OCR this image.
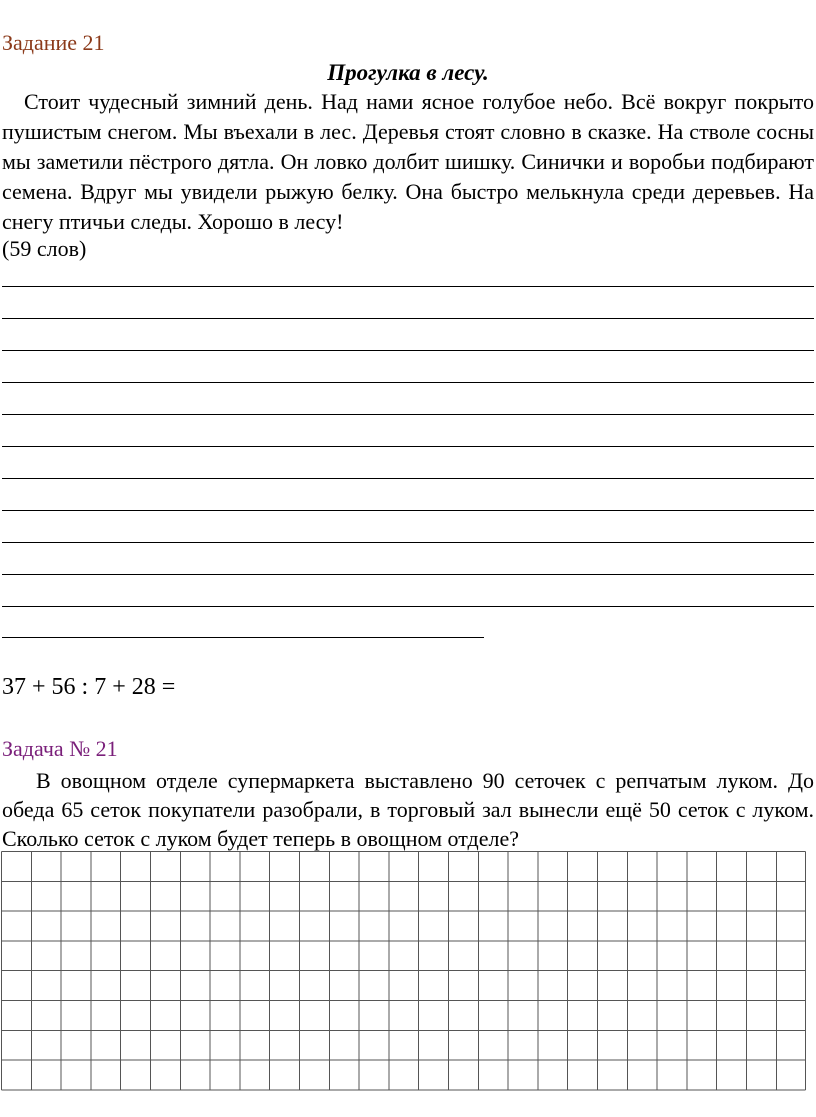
Задание 21
Прогулка в лесу.

Стоит чудесный зимний день. Над нами ясное голубое небо. Всё вокруг покрыто пушистым снегом. Мы въехали в лес. Деревья стоят словно в сказке. На стволе сосны мы заметили пёстрого дятла. Он ловко долбит шишку. Синички и воробьи подбирают семена. Вдруг мы увидели рыжую белку. Она быстро мелькнула среди деревьев. На снегу птичьи следы. Хорошо в лесу!

(59 слов)
37 + 56 : 7 + 28 =
Задача № 21

В овощном отделе супермаркета выставлено 90 сеточек с репчатым луком. До обеда 65 сеток покупатели разобрали, в торговый зал вынесли ещё 50 сеток с луком. Сколько сеток с луком будет теперь в овощном отделе?
